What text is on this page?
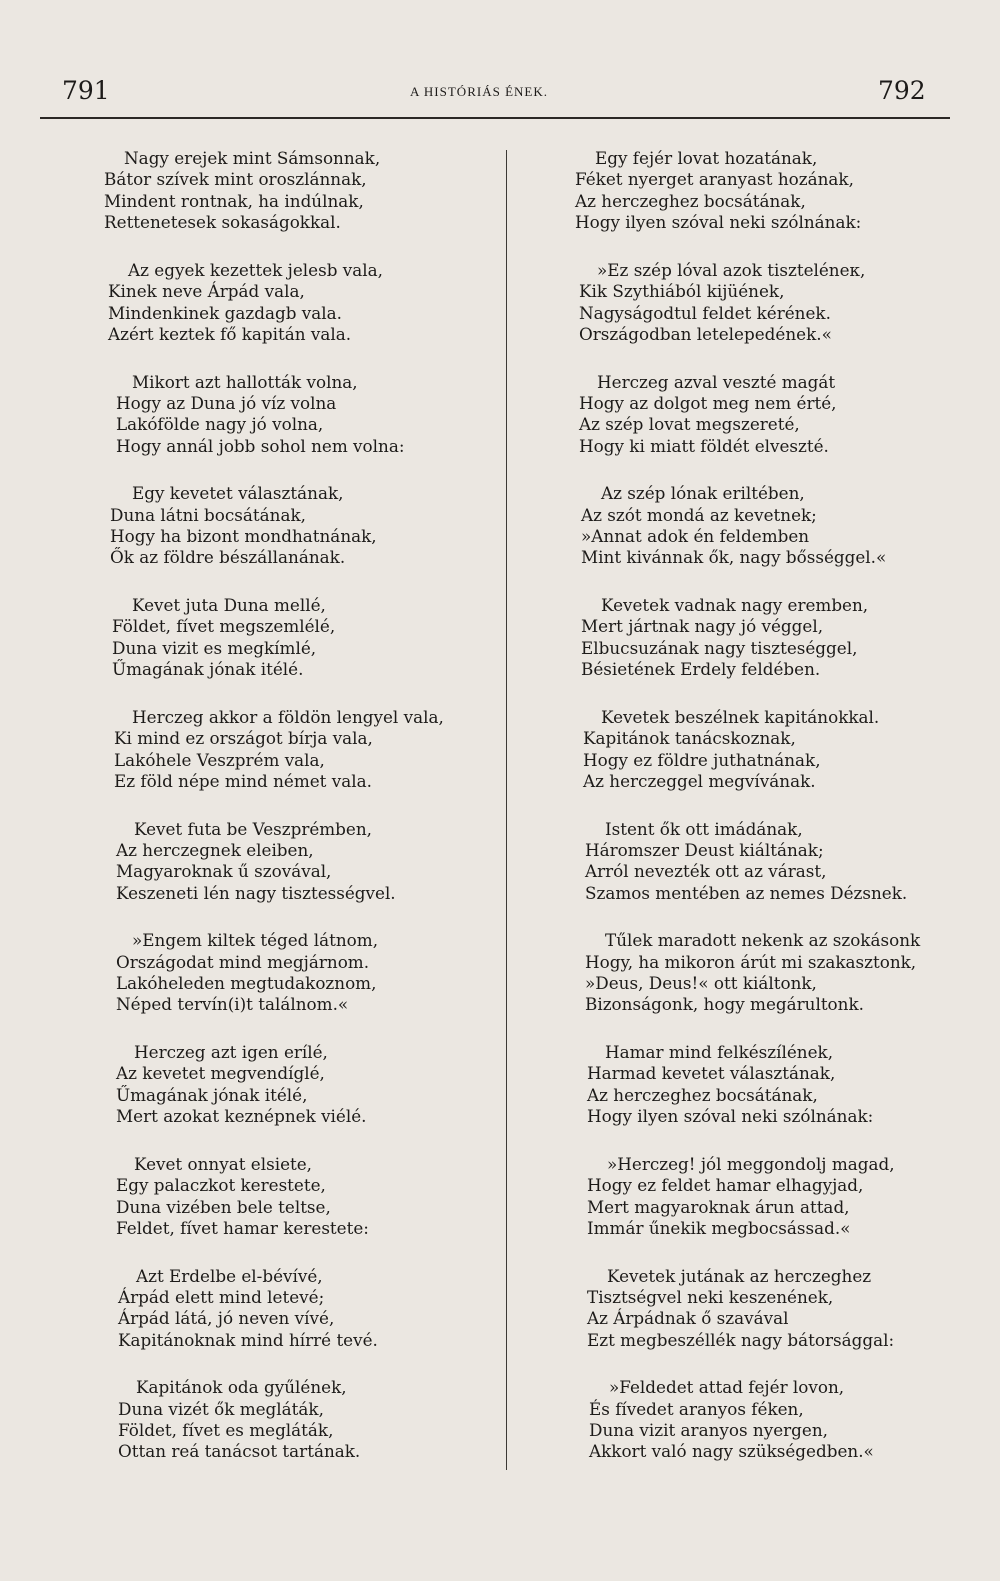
791	A HISTÓRIÁS ÉNEK.	792
Nagy erejek mint Sámsonnak,
Bátor szívek mint oroszlánnak,
Mindent rontnak, ha indúlnak,
Rettenetesek sokaságokkal.
Az egyek kezettek jelesb vala,
Kinek neve Árpád vala,
Mindenkinek gazdagb vala.
Azért keztek fő kapitán vala.
Mikort azt hallották volna,
Hogy az Duna jó víz volna
Lakófölde nagy jó volna,
Hogy annál jobb sohol nem volna:
Egy kevetet választának,
Duna látni bocsátának,
Hogy ha bizont mondhatnának,
Ők az földre bészállanának.
Kevet juta Duna mellé,
Földet, fívet megszemlélé,
Duna vizit es megkímlé,
Űmagának jónak itélé.
Herczeg akkor a földön lengyel vala,
Ki mind ez országot bírja vala,
Lakóhele Veszprém vala,
Ez föld népe mind német vala.
Kevet futa be Veszprémben,
Az herczegnek eleiben,
Magyaroknak ű szovával,
Keszeneti lén nagy tisztességvel.
»Engem kiltek téged látnom,
Országodat mind megjárnom.
Lakóheleden megtudakoznom,
Néped tervín(i)t találnom.«
Herczeg azt igen erílé,
Az kevetet megvendíglé,
Űmagának jónak itélé,
Mert azokat keznépnek viélé.
Kevet onnyat elsiete,
Egy palaczkot kerestete,
Duna vizében bele teltse,
Feldet, fívet hamar kerestete:
Azt Erdelbe el-bévívé,
Árpád elett mind letevé;
Árpád látá, jó neven vívé,
Kapitánoknak mind hírré tevé.
Kapitánok oda gyűlének,
Duna vizét ők megláták,
Földet, fívet es megláták,
Ottan reá tanácsot tartának.
Egy fejér lovat hozatának,
Féket nyerget aranyast hozának,
Az herczeghez bocsátának,
Hogy ilyen szóval neki szólnának:
»Ez szép lóval azok tiszteléneк,
Kik Szythiából kijüének,
Nagyságodtul feldet kérének.
Országodban letelepedének.«
Herczeg azval veszté magát
Hogy az dolgot meg nem érté,
Az szép lovat megszereté,
Hogy ki miatt földét elveszté.
Az szép lónak eriltében,
Az szót mondá az kevetnek;
»Annat adok én feldemben
Mint kivánnak ők, nagy bősséggel.«
Kevetek vadnak nagy eremben,
Mert jártnak nagy jó véggel,
Elbucsuzának nagy tiszteséggel,
Bésietének Erdely feldében.
Kevetek beszélnek kapitánokkal.
Kapitánok tanácskoznak,
Hogy ez földre juthatnának,
Az herczeggel megvívának.
Istent ők ott imádának,
Háromszer Deust kiáltának;
Arról nevezték ott az várast,
Szamos mentében az nemes Dézsnek.
Tűlek maradott nekenk az szokásonk
Hogy, ha mikoron árút mi szakasztonk,
»Deus, Deus!« ott kiáltonk,
Bizonságonk, hogy megárultonk.
Hamar mind felkészílének,
Harmad kevetet választának,
Az herczeghez bocsátának,
Hogy ilyen szóval neki szólnának:
»Herczeg! jól meggondolj magad,
Hogy ez feldet hamar elhagyjad,
Mert magyaroknak árun attad,
Immár űnekik megbocsássad.«
Kevetek jutának az herczeghez
Tisztségvel neki keszenének,
Az Árpádnak ő szavával
Ezt megbeszéllék nagy bátorsággal:
»Feldedet attad fejér lovon,
És fívedet aranyos féken,
Duna vizit aranyos nyergen,
Akkort való nagy szükségedben.«
